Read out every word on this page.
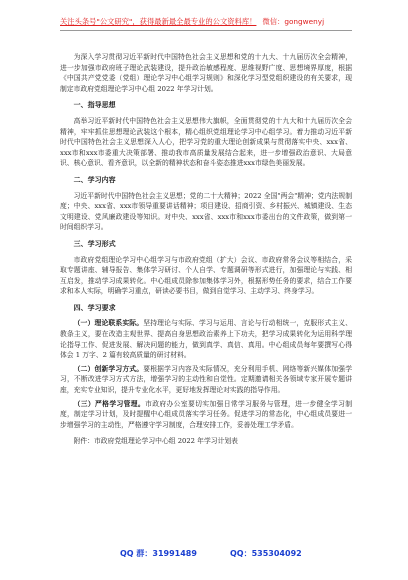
关注头条号"公文研究"，获得最新最全最专业的公文资料库！ 微信：gongwenyj

为深入学习贯彻习近平新时代中国特色社会主义思想和党的十九大、十九届历次全会精神，进一步加强市政府班子理论武装建设，提升政治敏感程度、思维视野广度、思想境界厚度，根据《中国共产党党委（党组）理论学习中心组学习规则》和深化学习型党组织建设的有关要求，现制定市政府党组理论学习中心组 2022 年学习计划。

一、指导思想

高举习近平新时代中国特色社会主义思想伟大旗帜，全面贯彻党的十九大和十九届历次全会精神，牢牢抓住思想理论武装这个根本，精心组织党组理论学习中心组学习。着力推动习近平新时代中国特色社会主义思想深入人心，把学习党的重大理论创新成果与贯彻落实中央、xxx省、xxx市和xxx市委重大决策部署、推动我市高质量发展结合起来，进一步增强政治意识、大局意识、核心意识、看齐意识，以全新的精神状态和奋斗姿态推进xxx市绿色美丽发展。

二、学习内容

习近平新时代中国特色社会主义思想；党的二十大精神；2022 全国"两会"精神；党内法规制度；中央、xxx省、xxx市领导重要讲话精神；项目建设、招商引资、乡村振兴、城镇建设、生态文明建设、党风廉政建设等知识。对中央、xxx省、xxx市和xxx市委出台的文件政策，做到第一时间组织学习。

三、学习形式

市政府党组理论学习中心组学习与市政府党组（扩大）会议、市政府常务会议等相结合，采取专题讲座、辅导报告、集体学习研讨、个人自学、专题调研等形式进行，加强理论与实践、相互启发，推动学习成果转化。中心组成员除参加集体学习外，根据形势任务的要求，结合工作要求和本人实际，明确学习重点，研读必要书目，做到自觉学习、主动学习、终身学习。

四、学习要求

（一）理论联系实际。坚持理论与实际、学习与运用、言论与行动相统一，克服形式主义、教条主义，要在改造主观世界、提高自身思想政治素养上下功夫，把学习成果转化为运用科学理论指导工作、促进发展、解决问题的能力，做到真学、真信、真用。中心组成员每年要撰写心得体会 1 万字、2 篇有较高质量的研讨材料。

（二）创新学习方式。要根据学习内容及实际情况，充分利用手机、网络等新兴媒体加强学习，不断改进学习方式方法，增强学习的主动性和自觉性。定期邀请相关各领域专家开展专题讲座，充实专业知识，提升专业化水平，更好地发挥理论对实践的指导作用。

（三）严格学习管理。市政府办公室要切实加强日常学习服务与管理，进一步健全学习制度，制定学习计划，及时提醒中心组成员落实学习任务。促进学习的常态化，中心组成员要进一步增强学习的主动性，严格遵守学习制度，合理安排工作，妥善处理工学矛盾。

附件：市政府党组理论学习中心组 2022 年学习计划表

QQ 群：31991489	QQ：535304092
